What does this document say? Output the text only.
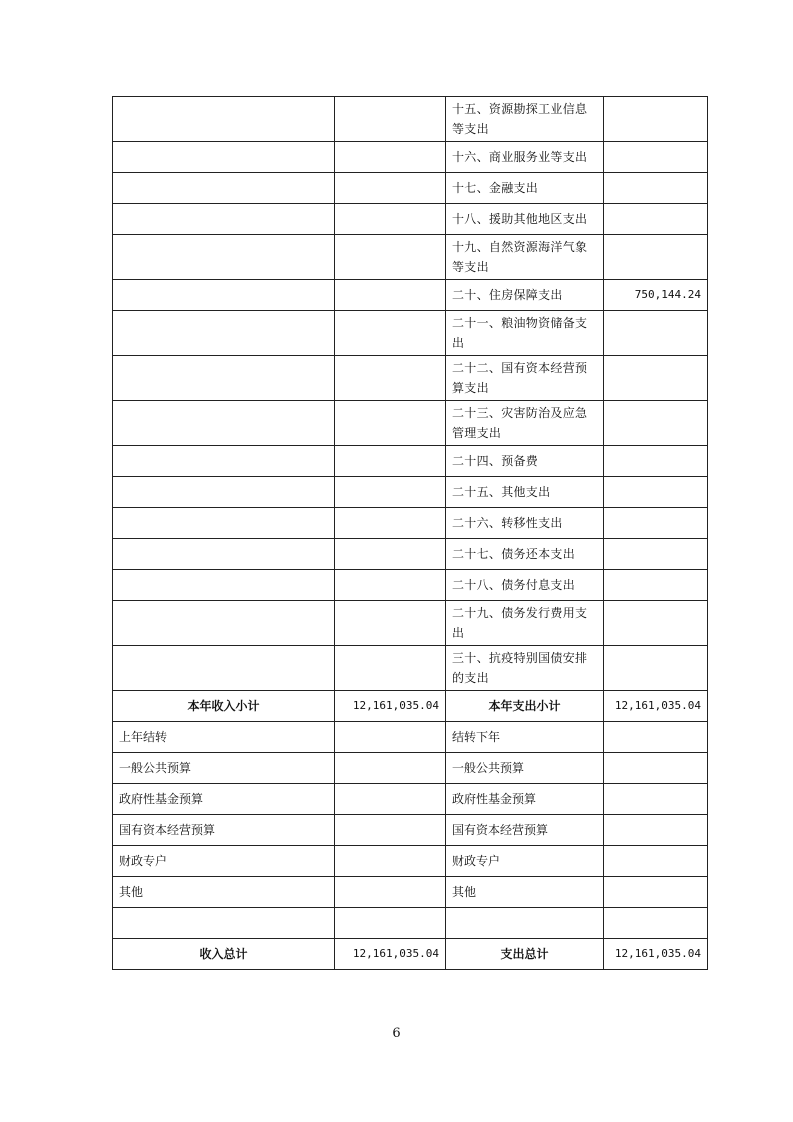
		十五、资源勘探工业信息等支出	
		十六、商业服务业等支出	
		十七、金融支出	
		十八、援助其他地区支出	
		十九、自然资源海洋气象等支出	
		二十、住房保障支出	750,144.24
		二十一、粮油物资储备支出	
		二十二、国有资本经营预算支出	
		二十三、灾害防治及应急管理支出	
		二十四、预备费	
		二十五、其他支出	
		二十六、转移性支出	
		二十七、债务还本支出	
		二十八、债务付息支出	
		二十九、债务发行费用支出	
		三十、抗疫特别国债安排的支出	
本年收入小计	12,161,035.04	本年支出小计	12,161,035.04
上年结转		结转下年	
一般公共预算		一般公共预算	
政府性基金预算		政府性基金预算	
国有资本经营预算		国有资本经营预算	
财政专户		财政专户	
其他		其他	

收入总计	12,161,035.04	支出总计	12,161,035.04
6
